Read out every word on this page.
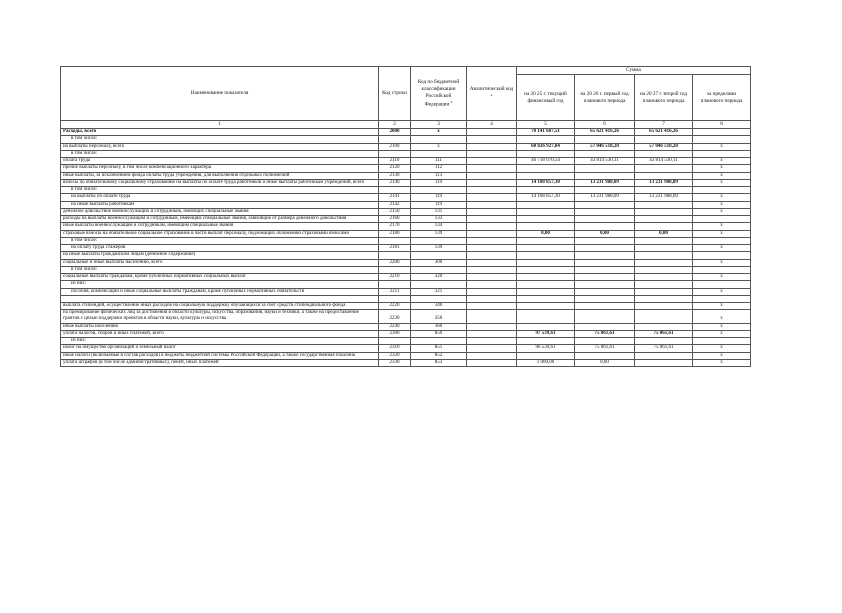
Наименование показателя	Код строки	Код по бюджетной классификации Российской Федерации $^3$	Аналитический код $^4$	Сумма			
				на 20 25 г. текущий финансовый год	на 20 26 г. первый год планового периода	на 20 27 г. второй год планового периода	за пределами планового периода
1	2	3	4	5	6	7	8
Расходы, всего	2000	x		70 141 687,51	65 621 416,26	65 621 416,26	
в том числе:							
на выплаты персоналу, всего	2100	x		60 826 927,84	57 046 518,20	57 046 518,20	x
в том числе:							
оплата труда	2110	111		46 718 070,54	43 814 530,11	43 814 530,11	x
прочие выплаты персоналу, в том числе компенсационного характера	2120	112					x
иные выплаты, за исключением фонда оплаты труда учреждения, для выполнения отдельных полномочий	2130	113					x
взносы по обязательному социальному страхованию на выплаты по оплате труда работников и иные выплаты работникам учреждений, всего	2140	119		14 108 857,30	13 231 988,09	13 231 988,09	x
в том числе:							
на выплаты по оплате труда	2141	119		14 108 857,30	13 231 988,09	13 231 988,09	x
на иные выплаты работникам	2142	119					x
денежное довольствие военнослужащих и сотрудников, имеющих специальные звания	2150	131					x
расходы на выплаты военнослужащим и сотрудникам, имеющим специальные звания, зависящие от размера денежного довольствия	2160	133					
иные выплаты военнослужащим и сотрудникам, имеющим специальные звания	2170	134					x
страховые взносы на обязательное социальное страхование в части выплат персоналу, подлежащих обложению страховыми взносами	2180	139		0,00	0,00	0,00	x
в том числе:							
на оплату труда стажеров	2181	139					x
на иные выплаты гражданским лицам (денежное содержание)							
социальные и иные выплаты населению, всего	2200	300					x
в том числе:							
социальные выплаты гражданам, кроме публичных нормативных социальных выплат	2210	320					x
из них:							
пособия, компенсации и иные социальные выплаты гражданам, кроме публичных нормативных обязательств	2211	321					x

выплата стипендий, осуществление иных расходов на социальную поддержку обучающихся за счет средств стипендиального фонда	2220	340					x
на премирование физических лиц за достижения в области культуры, искусства, образования, науки и техники, а также на предоставление грантов с целью поддержки проектов в области науки, культуры и искусства	2230	350					x
иные выплаты населению	2240	360					x
уплата налогов, сборов и иных платежей, всего	2300	850		97 539,61	75 061,61	75 061,61	x
из них:							
налог на имущество организаций и земельный налог	2310	851		96 539,61	75 061,61	75 061,61	x
иные налоги (включаемые в состав расходов) в бюджеты бюджетной системы Российской Федерации, а также государственная пошлина	2320	852					x
уплата штрафов (в том числе административных), пеней, иных платежей	2330	853		1 000,00	0,00		x
